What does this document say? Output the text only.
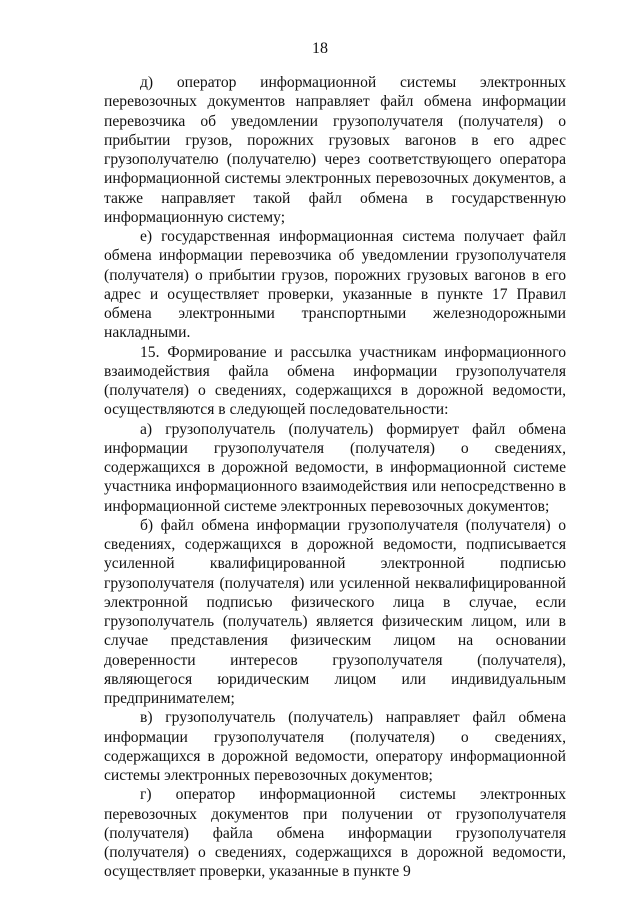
18

д) оператор информационной системы электронных перевозочных документов направляет файл обмена информации перевозчика об уведомлении грузополучателя (получателя) о прибытии грузов, порожних грузовых вагонов в его адрес грузополучателю (получателю) через соответствующего оператора информационной системы электронных перевозочных документов, а также направляет такой файл обмена в государственную информационную систему;

е) государственная информационная система получает файл обмена информации перевозчика об уведомлении грузополучателя (получателя) о прибытии грузов, порожних грузовых вагонов в его адрес и осуществляет проверки, указанные в пункте 17 Правил обмена электронными транспортными железнодорожными накладными.

15. Формирование и рассылка участникам информационного взаимодействия файла обмена информации грузополучателя (получателя) о сведениях, содержащихся в дорожной ведомости, осуществляются в следующей последовательности:

а) грузополучатель (получатель) формирует файл обмена информации грузополучателя (получателя) о сведениях, содержащихся в дорожной ведомости, в информационной системе участника информационного взаимодействия или непосредственно в информационной системе электронных перевозочных документов;

б) файл обмена информации грузополучателя (получателя) о сведениях, содержащихся в дорожной ведомости, подписывается усиленной квалифицированной электронной подписью грузополучателя (получателя) или усиленной неквалифицированной электронной подписью физического лица в случае, если грузополучатель (получатель) является физическим лицом, или в случае представления физическим лицом на основании доверенности интересов грузополучателя (получателя), являющегося юридическим лицом или индивидуальным предпринимателем;

в) грузополучатель (получатель) направляет файл обмена информации грузополучателя (получателя) о сведениях, содержащихся в дорожной ведомости, оператору информационной системы электронных перевозочных документов;

г) оператор информационной системы электронных перевозочных документов при получении от грузополучателя (получателя) файла обмена информации грузополучателя (получателя) о сведениях, содержащихся в дорожной ведомости, осуществляет проверки, указанные в пункте 9
